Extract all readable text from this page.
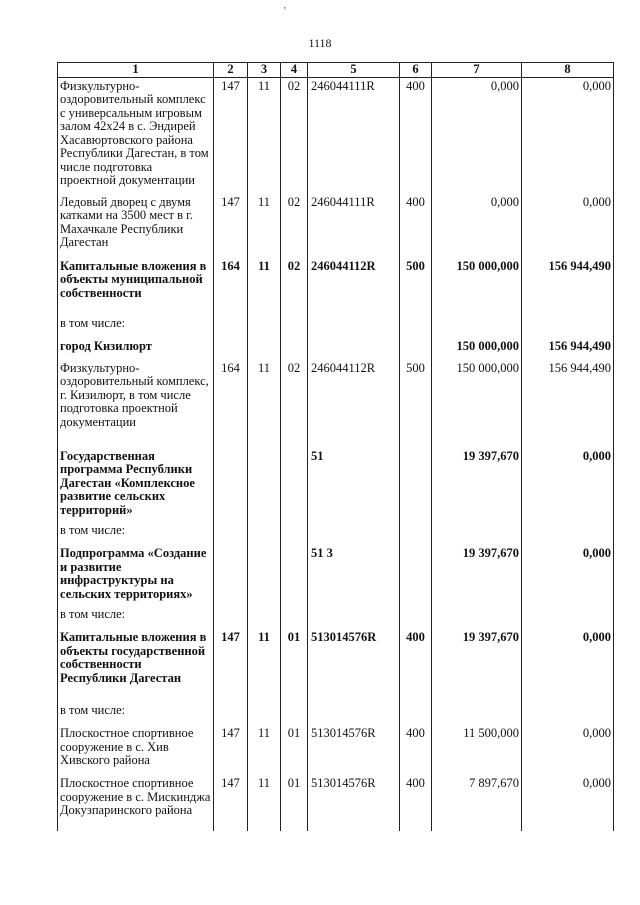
’
1118
1	2	3	4	5	6	7	8
Физкультурно-оздоровительный комплекс с универсальным игровым залом 42х24 в с. Эндирей Хасавюртовского района Республики Дагестан, в том числе подготовка проектной документации	147	11	02	246044111R	400	0,000	0,000
Ледовый дворец с двумя катками на 3500 мест в г. Махачкале Республики Дагестан	147	11	02	246044111R	400	0,000	0,000
Капитальные вложения в объекты муниципальной собственности	164	11	02	246044112R	500	150 000,000	156 944,490
в том числе:							
город Кизилюрт						150 000,000	156 944,490
Физкультурно-оздоровительный комплекс, г. Кизилюрт, в том числе подготовка проектной документации	164	11	02	246044112R	500	150 000,000	156 944,490
Государственная программа Республики Дагестан «Комплексное развитие сельских территорий»				51		19 397,670	0,000
в том числе:							
Подпрограмма «Создание и развитие инфраструктуры на сельских территориях»				51 3		19 397,670	0,000
в том числе:							
Капитальные вложения в объекты государственной собственности Республики Дагестан	147	11	01	513014576R	400	19 397,670	0,000
в том числе:							
Плоскостное спортивное сооружение в с. Хив Хивского района	147	11	01	513014576R	400	11 500,000	0,000
Плоскостное спортивное сооружение в с. Мискинджа Докузпаринского района	147	11	01	513014576R	400	7 897,670	0,000
